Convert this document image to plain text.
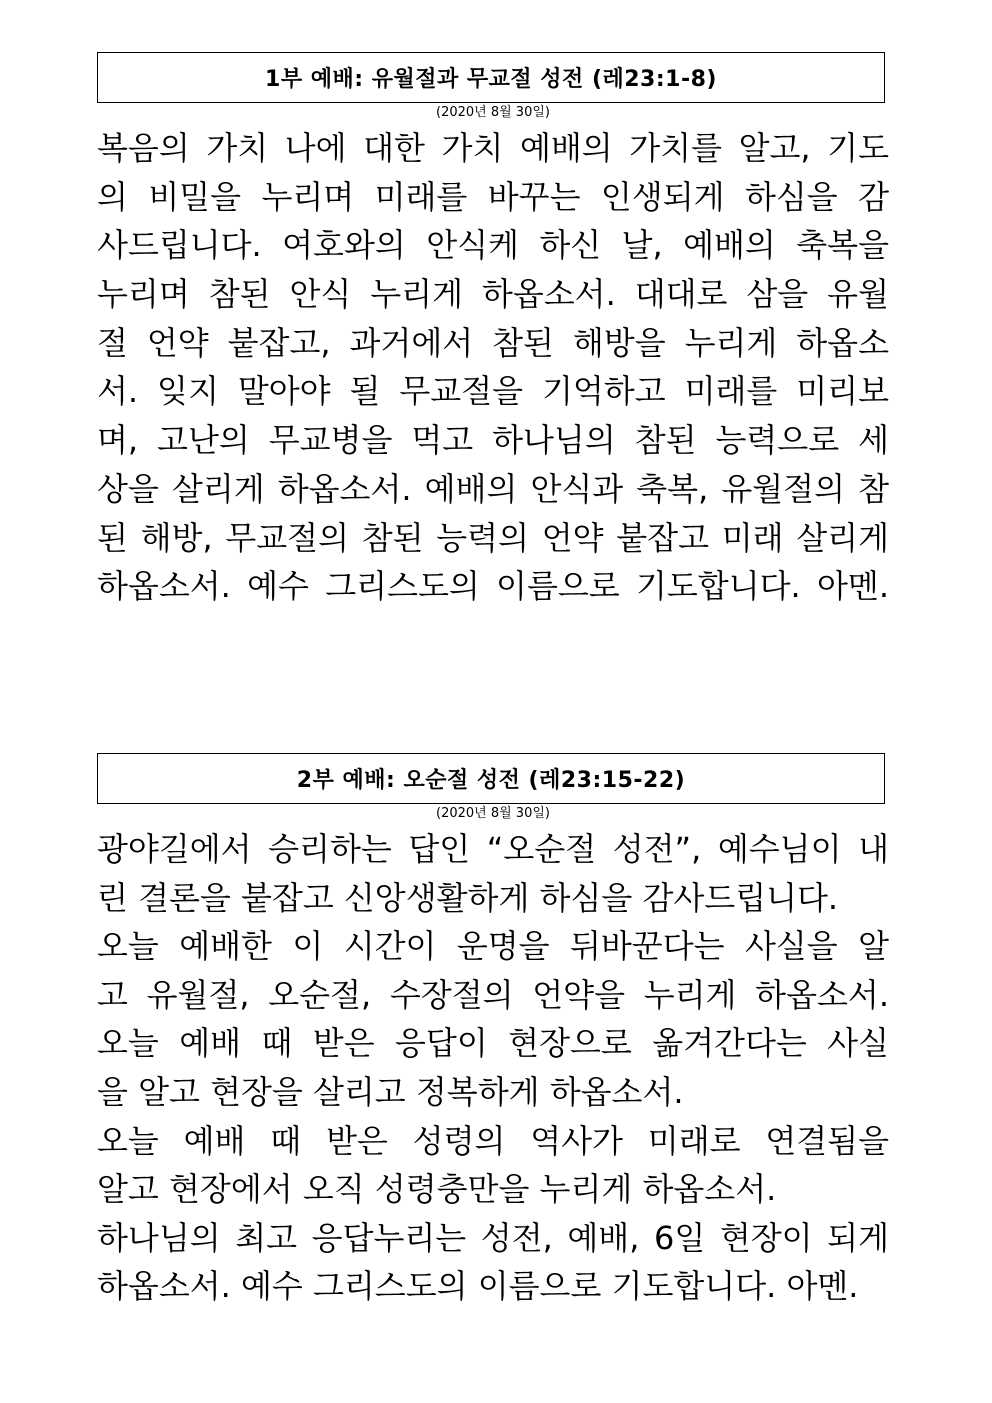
1부 예배: 유월절과 무교절 성전 (레23:1-8)
(2020년 8월 30일)
복음의 가치 나에 대한 가치 예배의 가치를 알고, 기도
의 비밀을 누리며 미래를 바꾸는 인생되게 하심을 감
사드립니다. 여호와의 안식케 하신 날, 예배의 축복을
누리며 참된 안식 누리게 하옵소서. 대대로 삼을 유월
절 언약 붙잡고, 과거에서 참된 해방을 누리게 하옵소
서. 잊지 말아야 될 무교절을 기억하고 미래를 미리보
며, 고난의 무교병을 먹고 하나님의 참된 능력으로 세
상을 살리게 하옵소서. 예배의 안식과 축복, 유월절의 참
된 해방, 무교절의 참된 능력의 언약 붙잡고 미래 살리게
하옵소서. 예수 그리스도의 이름으로 기도합니다. 아멘.
2부 예배: 오순절 성전 (레23:15-22)
(2020년 8월 30일)
광야길에서 승리하는 답인 “오순절 성전”, 예수님이 내
린 결론을 붙잡고 신앙생활하게 하심을 감사드립니다.
오늘 예배한 이 시간이 운명을 뒤바꾼다는 사실을 알
고 유월절, 오순절, 수장절의 언약을 누리게 하옵소서.
오늘 예배 때 받은 응답이 현장으로 옮겨간다는 사실
을 알고 현장을 살리고 정복하게 하옵소서.
오늘 예배 때 받은 성령의 역사가 미래로 연결됨을
알고 현장에서 오직 성령충만을 누리게 하옵소서.
하나님의 최고 응답누리는 성전, 예배, 6일 현장이 되게
하옵소서. 예수 그리스도의 이름으로 기도합니다. 아멘.
